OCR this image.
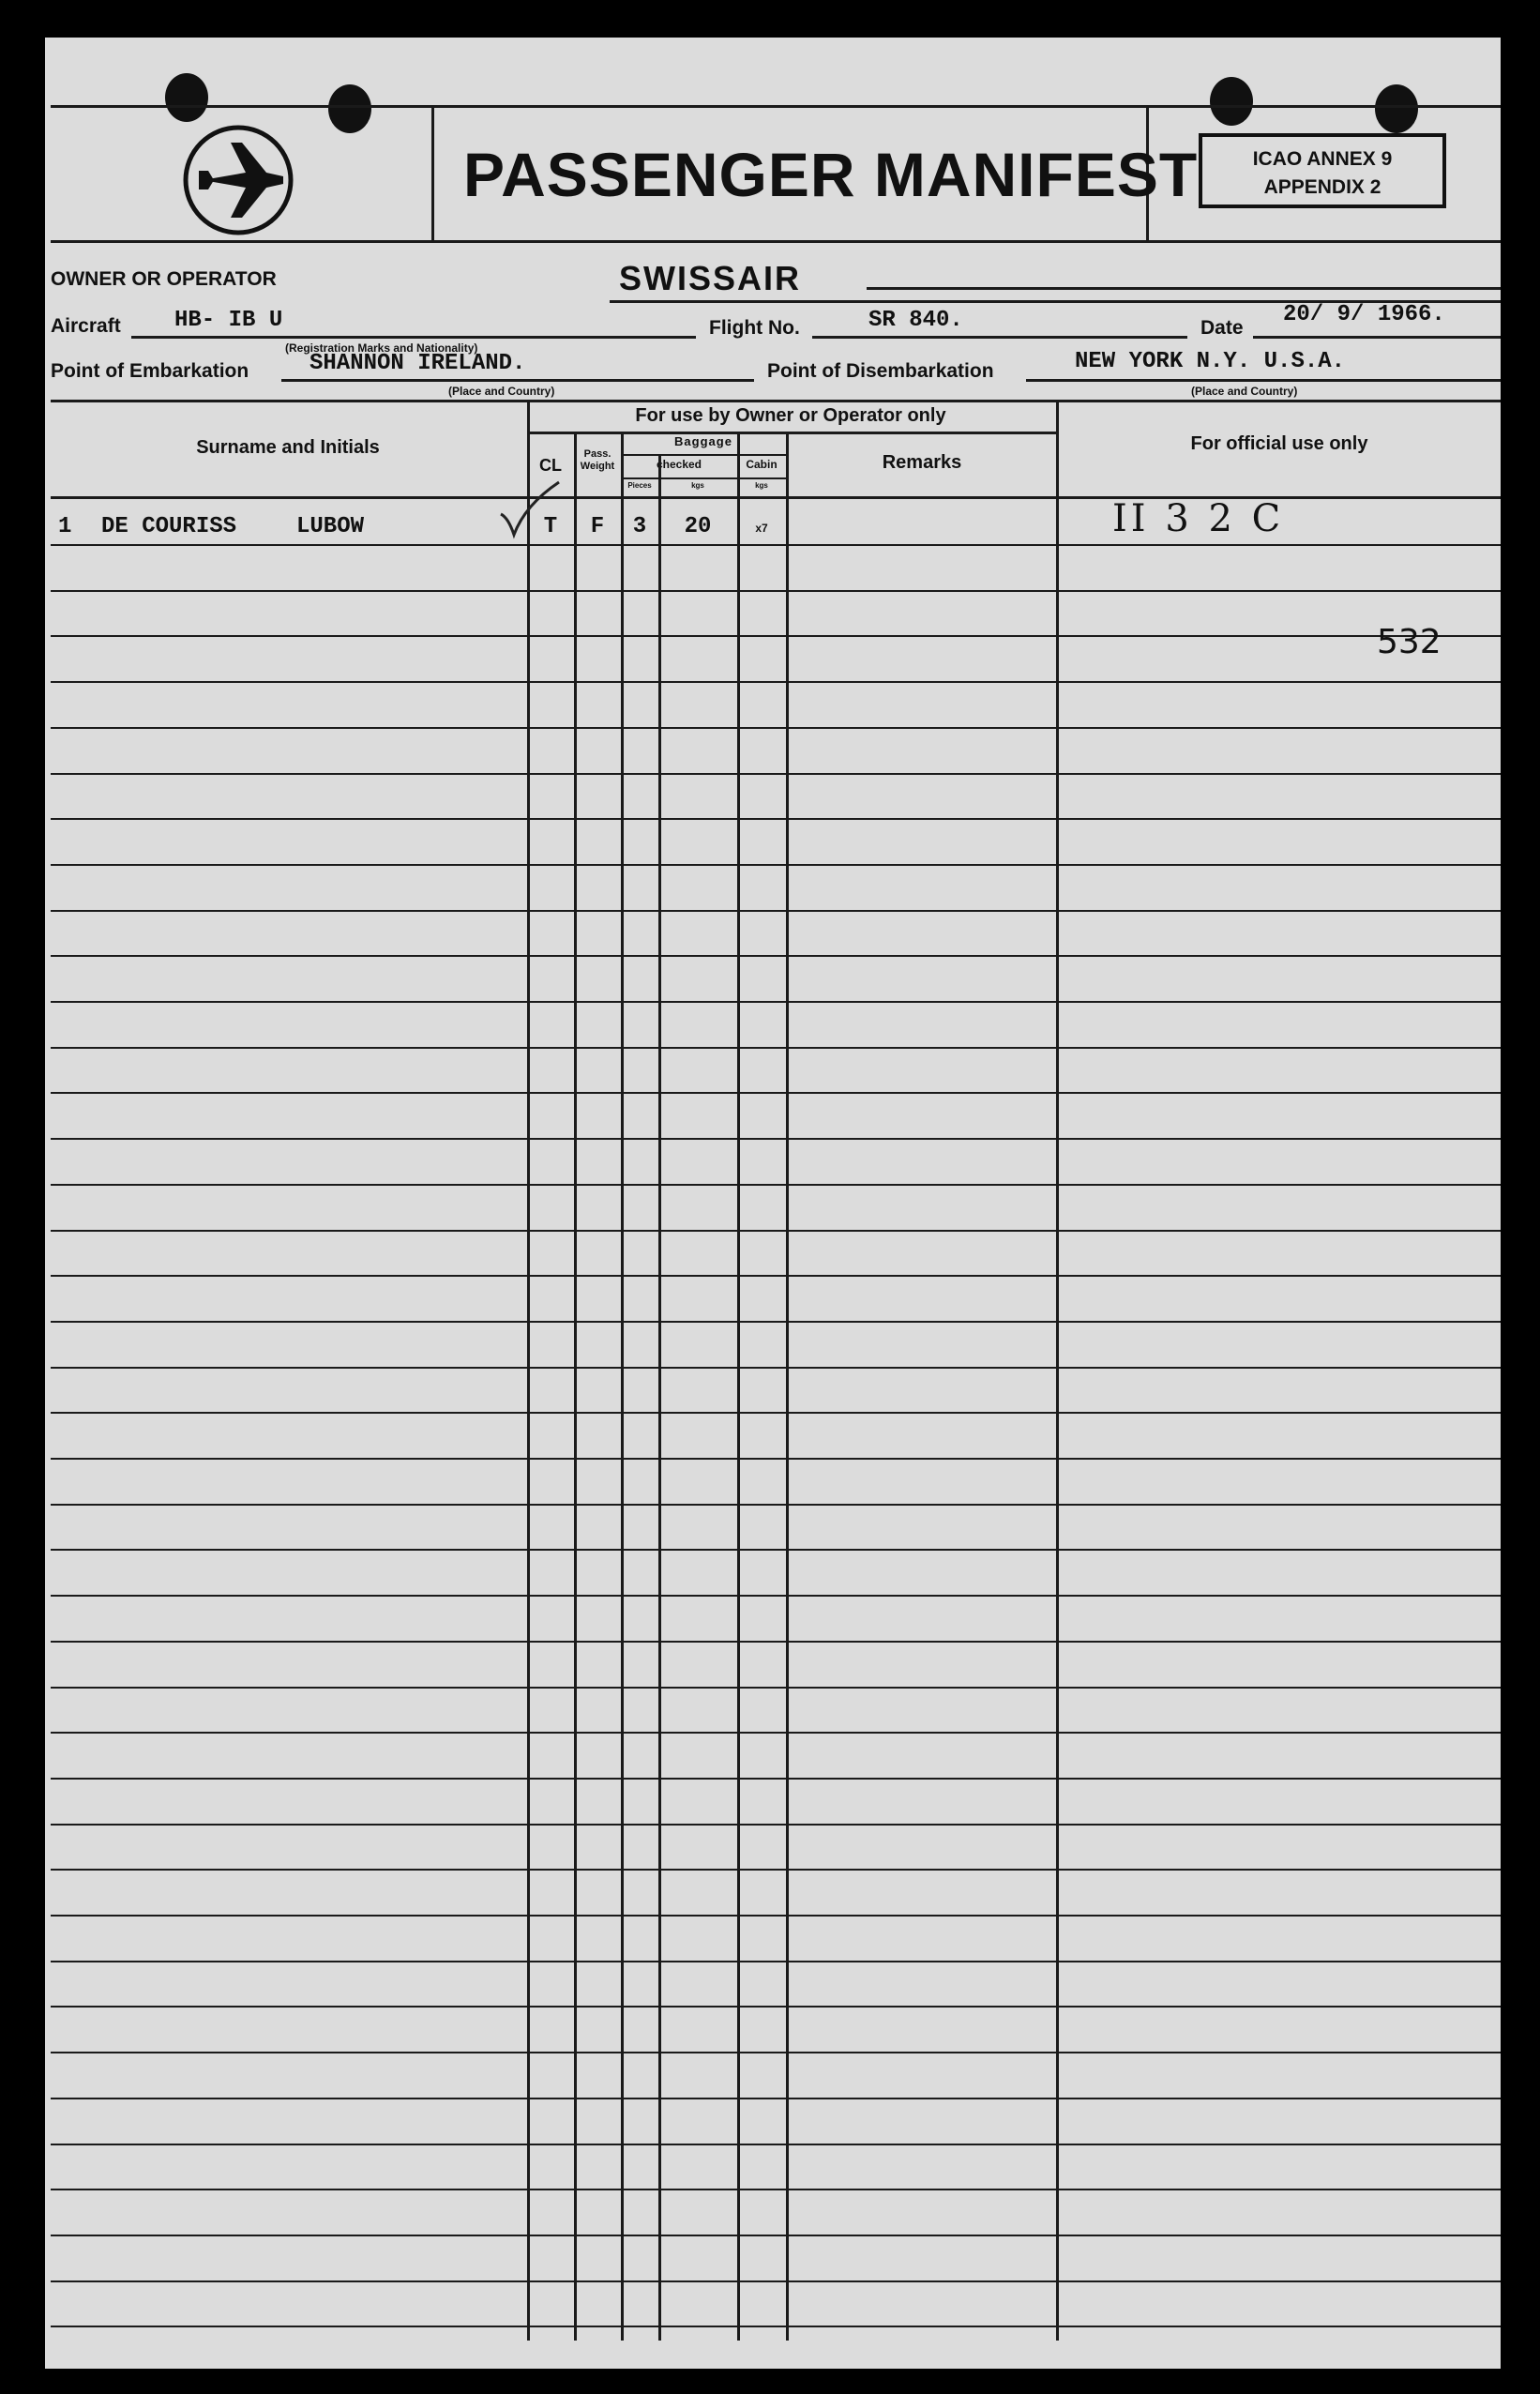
PASSENGER MANIFEST	ICAO ANNEX 9
APPENDIX 2
OWNER OR OPERATOR	SWISSAIR
Aircraft HB- IB U
(Registration Marks and Nationality)
Flight No.	SR 840.	Date
20/ 9/ 1966.
Point of Embarkation	SHANNON IRELAND.
(Place and Country)
Point of Disembarkation	NEW YORK N.Y. U.S.A.
(Place and Country)
Surname and Initials
For use by Owner or Operator only
CL
Pass.
Weight
Baggage
checked	Cabin
Pieces	kgs	kgs
Remarks
For official use only
1 DE COURISS	LUBOW	T	F	3	20	x7	II 3 2 C
532
